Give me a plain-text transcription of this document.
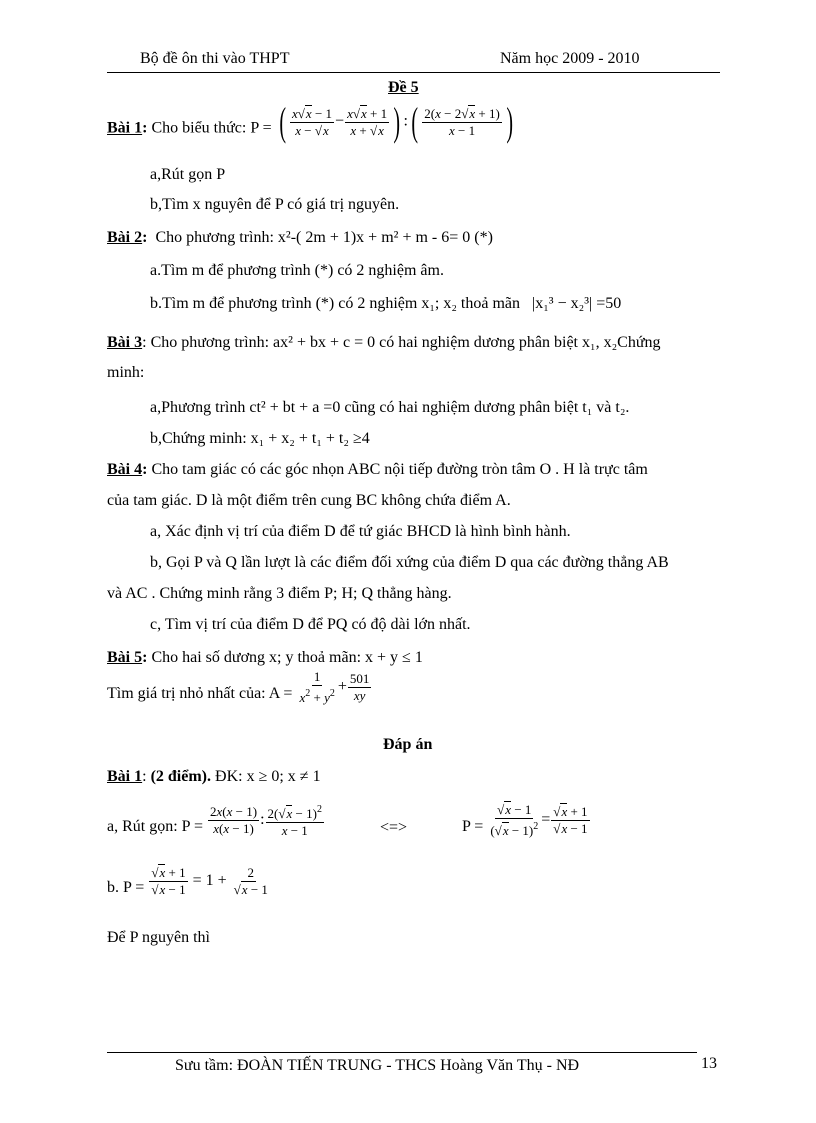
Bộ đề ôn thi vào THPT	Năm học 2009 - 2010
Đề 5
Bài 1: Cho biểu thức: P = ( $\frac{x√x - 1}{x - √x} - \frac{x√x + 1}{x + √x}$ ) :( $\frac{2(x - 2√x + 1)}{x - 1}$ )
a,Rút gọn P
b,Tìm x nguyên để P có giá trị nguyên.
Bài 2: Cho phương trình: x²-( 2m + 1)x + m² + m - 6= 0 (*)
a.Tìm m để phương trình (*) có 2 nghiệm âm.
b.Tìm m để phương trình (*) có 2 nghiệm x₁; x₂ thoả mãn |x₁³ − x₂³| =50
Bài 3: Cho phương trình: ax² + bx + c = 0 có hai nghiệm dương phân biệt x₁, x₂Chứng
minh:
a,Phương trình ct² + bt + a =0 cũng có hai nghiệm dương phân biệt t₁ và t₂.
b,Chứng minh: x₁ + x₂ + t₁ + t₂ ≥4
Bài 4: Cho tam giác có các góc nhọn ABC nội tiếp đường tròn tâm O . H là trực tâm
của tam giác. D là một điểm trên cung BC không chứa điểm A.
a, Xác định vị trí của điểm D để tứ giác BHCD là hình bình hành.
b, Gọi P và Q lần lượt là các điểm đối xứng của điểm D qua các đường thẳng AB
và AC . Chứng minh rằng 3 điểm P; H; Q thẳng hàng.
c, Tìm vị trí của điểm D để PQ có độ dài lớn nhất.
Bài 5: Cho hai số dương x; y thoả mãn: x + y ≤ 1
Tìm giá trị nhỏ nhất của: $A = \frac{1}{x^2 + y^2} + \frac{501}{xy}$
Đáp án
Bài 1: (2 điểm). ĐK: x ≥ 0; x ≠ 1
a, Rút gọn: $P = \frac{2x(x - 1)}{x(x - 1)}$ : $\frac{2(√x - 1)^2}{x - 1}$	<=>	$P = \frac{√x - 1}{(√x - 1)^2} = \frac{√x + 1}{√x - 1}$
b. $P = \frac{√x + 1}{√x - 1} = 1 + \frac{2}{√x - 1}$
Để P nguyên thì
Sưu tầm: ĐOÀN TIẾN TRUNG - THCS Hoàng Văn Thụ - NĐ	13
